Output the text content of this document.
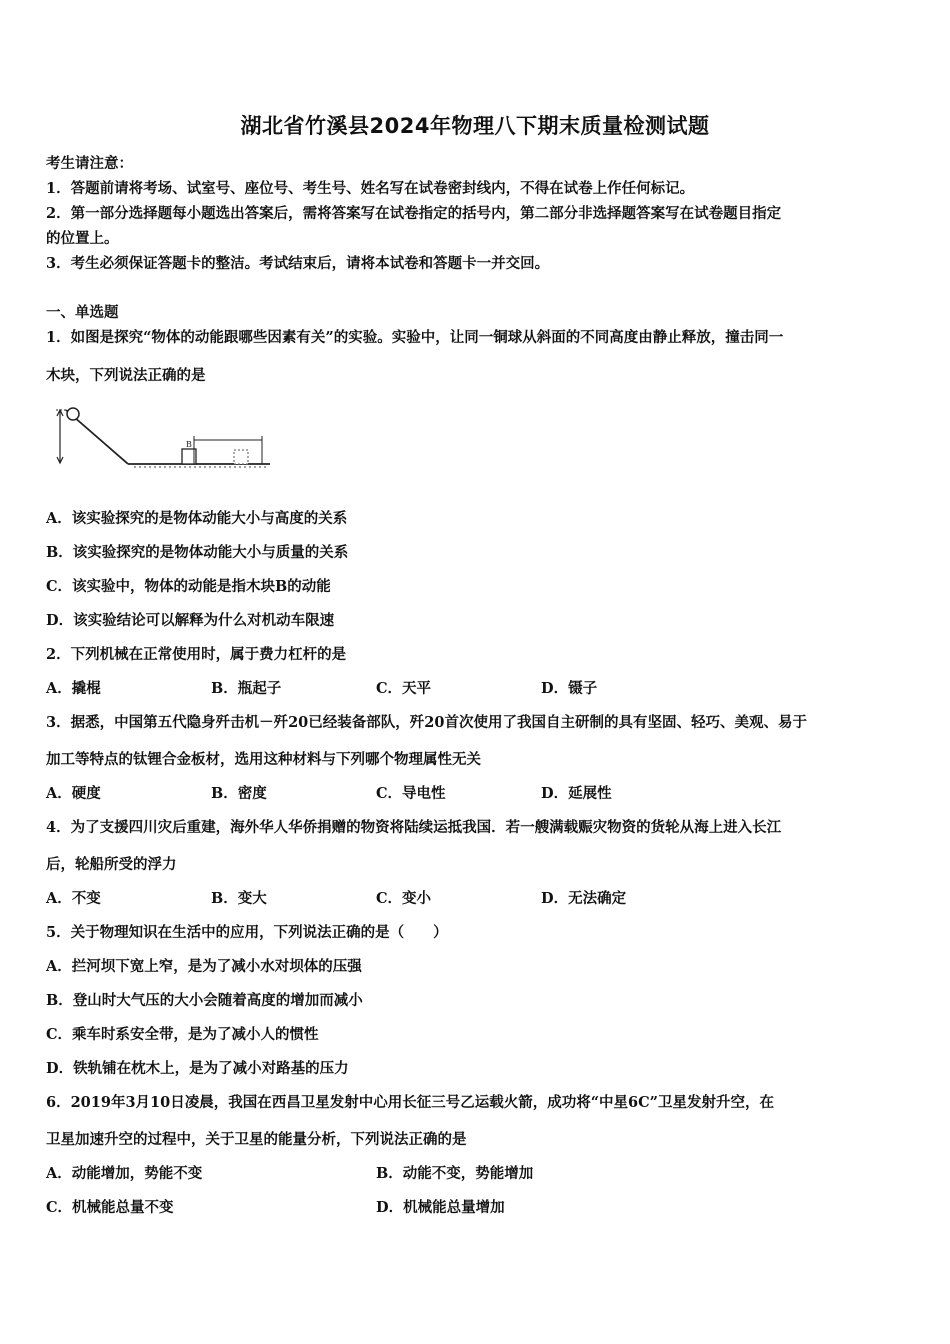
湖北省竹溪县2024年物理八下期末质量检测试题
考生请注意：
1．答题前请将考场、试室号、座位号、考生号、姓名写在试卷密封线内，不得在试卷上作任何标记。
2．第一部分选择题每小题选出答案后，需将答案写在试卷指定的括号内，第二部分非选择题答案写在试卷题目指定
的位置上。
3．考生必须保证答题卡的整洁。考试结束后，请将本试卷和答题卡一并交回。
一、单选题
1．如图是探究“物体的动能跟哪些因素有关”的实验。实验中，让同一铜球从斜面的不同高度由静止释放，撞击同一
木块，下列说法正确的是
B
A．该实验探究的是物体动能大小与高度的关系
B．该实验探究的是物体动能大小与质量的关系
C．该实验中，物体的动能是指木块B的动能
D．该实验结论可以解释为什么对机动车限速
2．下列机械在正常使用时，属于费力杠杆的是
A．撬棍	B．瓶起子	C．天平	D．镊子
3．据悉，中国第五代隐身歼击机－歼20已经装备部队，歼20首次使用了我国自主研制的具有坚固、轻巧、美观、易于
加工等特点的钛锂合金板材，选用这种材料与下列哪个物理属性无关
A．硬度	B．密度	C．导电性	D．延展性
4．为了支援四川灾后重建，海外华人华侨捐赠的物资将陆续运抵我国．若一艘满载赈灾物资的货轮从海上进入长江
后，轮船所受的浮力
A．不变	B．变大	C．变小	D．无法确定
5．关于物理知识在生活中的应用，下列说法正确的是（　　）
A．拦河坝下宽上窄，是为了减小水对坝体的压强
B．登山时大气压的大小会随着高度的增加而减小
C．乘车时系安全带，是为了减小人的惯性
D．铁轨铺在枕木上，是为了减小对路基的压力
6．2019年3月10日凌晨，我国在西昌卫星发射中心用长征三号乙运载火箭，成功将“中星6C”卫星发射升空，在
卫星加速升空的过程中，关于卫星的能量分析，下列说法正确的是
A．动能增加，势能不变	B．动能不变，势能增加
C．机械能总量不变	D．机械能总量增加
